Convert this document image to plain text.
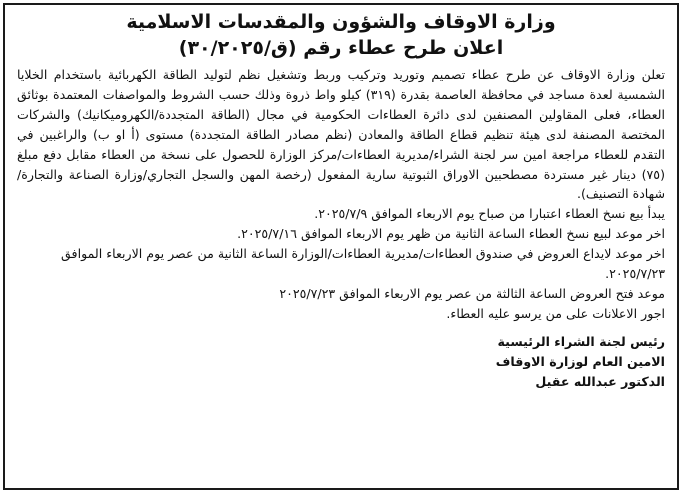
وزارة الاوقاف والشؤون والمقدسات الاسلامية
اعلان طرح عطاء رقم (ق/٣٠/٢٠٢٥)

تعلن وزارة الاوقاف عن طرح عطاء تصميم وتوريد وتركيب وربط وتشغيل نظم لتوليد الطاقة الكهربائية باستخدام الخلايا الشمسية لعدة مساجد في محافظة العاصمة بقدرة (٣١٩) كيلو واط ذروة وذلك حسب الشروط والمواصفات المعتمدة بوثائق العطاء، فعلى المقاولين المصنفين لدى دائرة العطاءات الحكومية في مجال (الطاقة المتجددة/الكهروميكانيك) والشركات المختصة المصنفة لدى هيئة تنظيم قطاع الطاقة والمعادن (نظم مصادر الطاقة المتجددة) مستوى (أ او ب) والراغبين في التقدم للعطاء مراجعة امين سر لجنة الشراء/مديرية العطاءات/مركز الوزارة للحصول على نسخة من العطاء مقابل دفع مبلغ (٧٥) دينار غير مستردة مصطحبين الاوراق الثبوتية سارية المفعول (رخصة المهن والسجل التجاري/وزارة الصناعة والتجارة/شهادة التصنيف).

يبدأ بيع نسخ العطاء اعتبارا من صباح يوم الاربعاء الموافق ٢٠٢٥/٧/٩.

اخر موعد لبيع نسخ العطاء الساعة الثانية من ظهر يوم الاربعاء الموافق ٢٠٢٥/٧/١٦.

اخر موعد لايداع العروض في صندوق العطاءات/مديرية العطاءات/الوزارة الساعة الثانية من عصر يوم الاربعاء الموافق ٢٠٢٥/٧/٢٣.

موعد فتح العروض الساعة الثالثة من عصر يوم الاربعاء الموافق ٢٠٢٥/٧/٢٣

اجور الاعلانات على من يرسو عليه العطاء.

رئيس لجنة الشراء الرئيسية
الامين العام لوزارة الاوقاف
الدكتور عبدالله عقيل
